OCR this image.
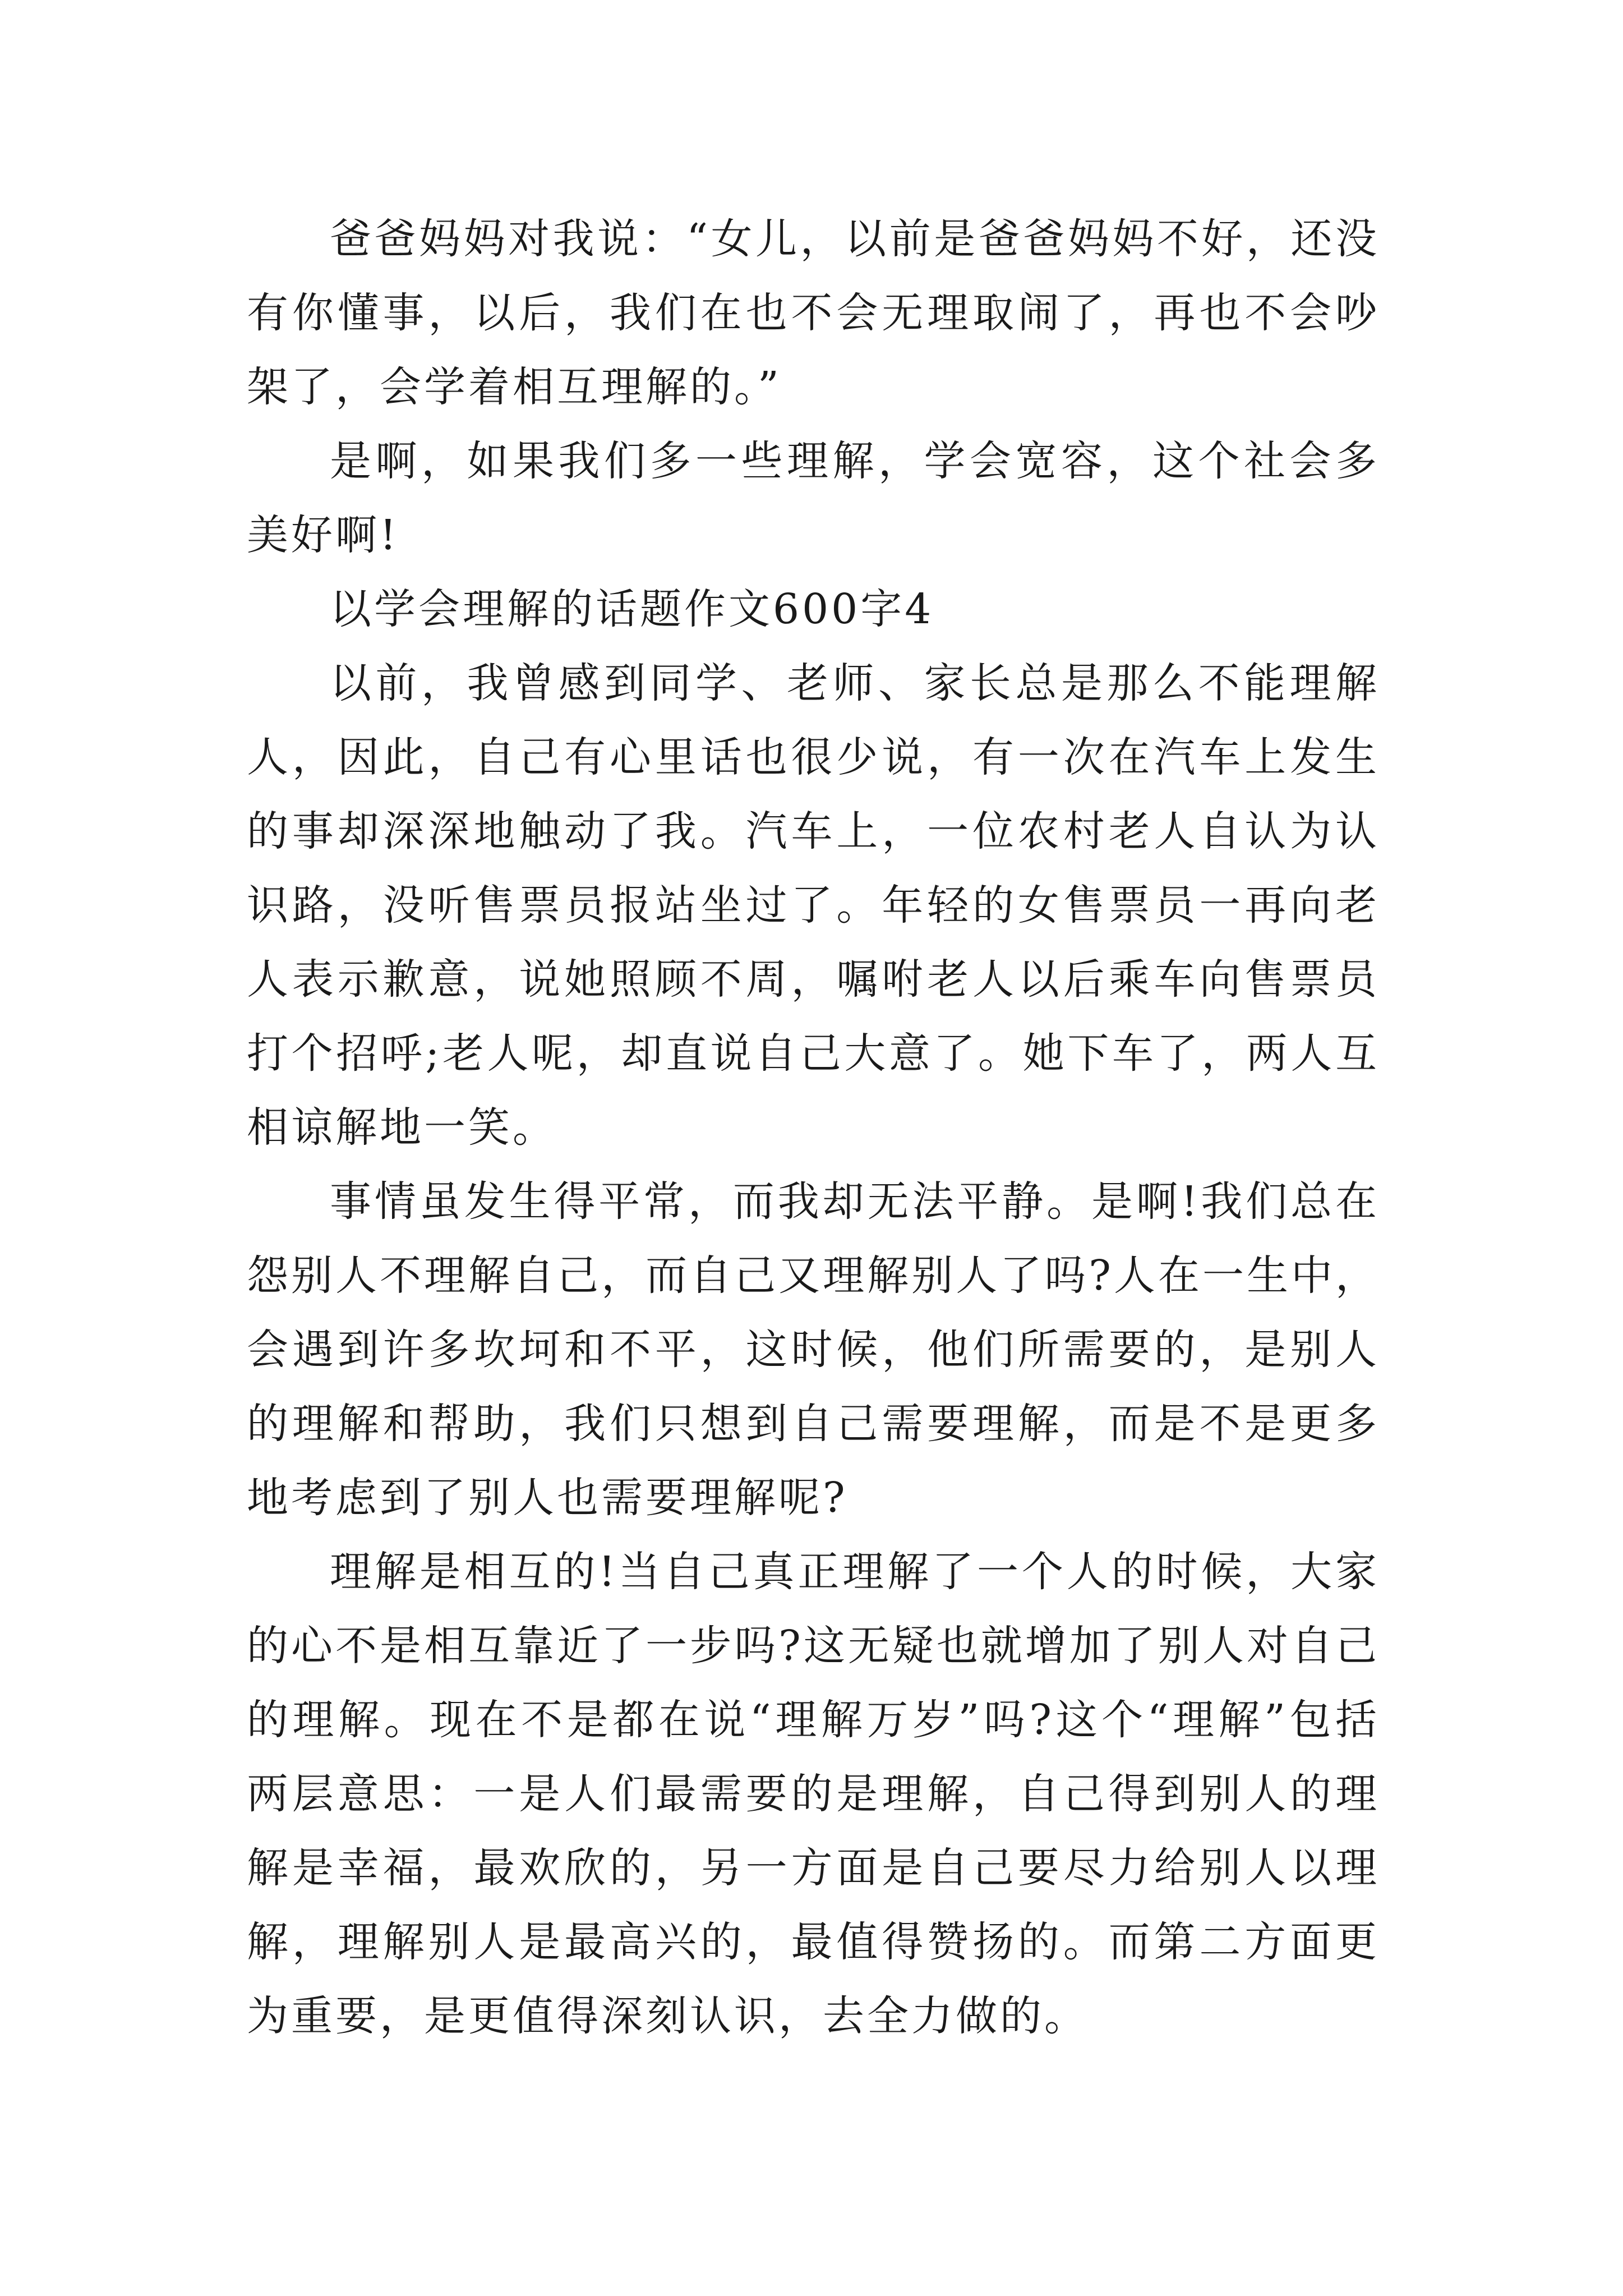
爸爸妈妈对我说：“女儿，以前是爸爸妈妈不好，还没有你懂事，以后，我们在也不会无理取闹了，再也不会吵架了，会学着相互理解的。”

是啊，如果我们多一些理解，学会宽容，这个社会多美好啊!

以学会理解的话题作文600字4

以前，我曾感到同学、老师、家长总是那么不能理解人，因此，自己有心里话也很少说，有一次在汽车上发生的事却深深地触动了我。汽车上，一位农村老人自认为认识路，没听售票员报站坐过了。年轻的女售票员一再向老人表示歉意，说她照顾不周，嘱咐老人以后乘车向售票员打个招呼;老人呢，却直说自己大意了。她下车了，两人互相谅解地一笑。

事情虽发生得平常，而我却无法平静。是啊!我们总在怨别人不理解自己，而自己又理解别人了吗?人在一生中，会遇到许多坎坷和不平，这时候，他们所需要的，是别人的理解和帮助，我们只想到自己需要理解，而是不是更多地考虑到了别人也需要理解呢?

理解是相互的!当自己真正理解了一个人的时候，大家的心不是相互靠近了一步吗?这无疑也就增加了别人对自己的理解。现在不是都在说“理解万岁”吗?这个“理解”包括两层意思：一是人们最需要的是理解，自己得到别人的理解是幸福，最欢欣的，另一方面是自己要尽力给别人以理解，理解别人是最高兴的，最值得赞扬的。而第二方面更为重要，是更值得深刻认识，去全力做的。
